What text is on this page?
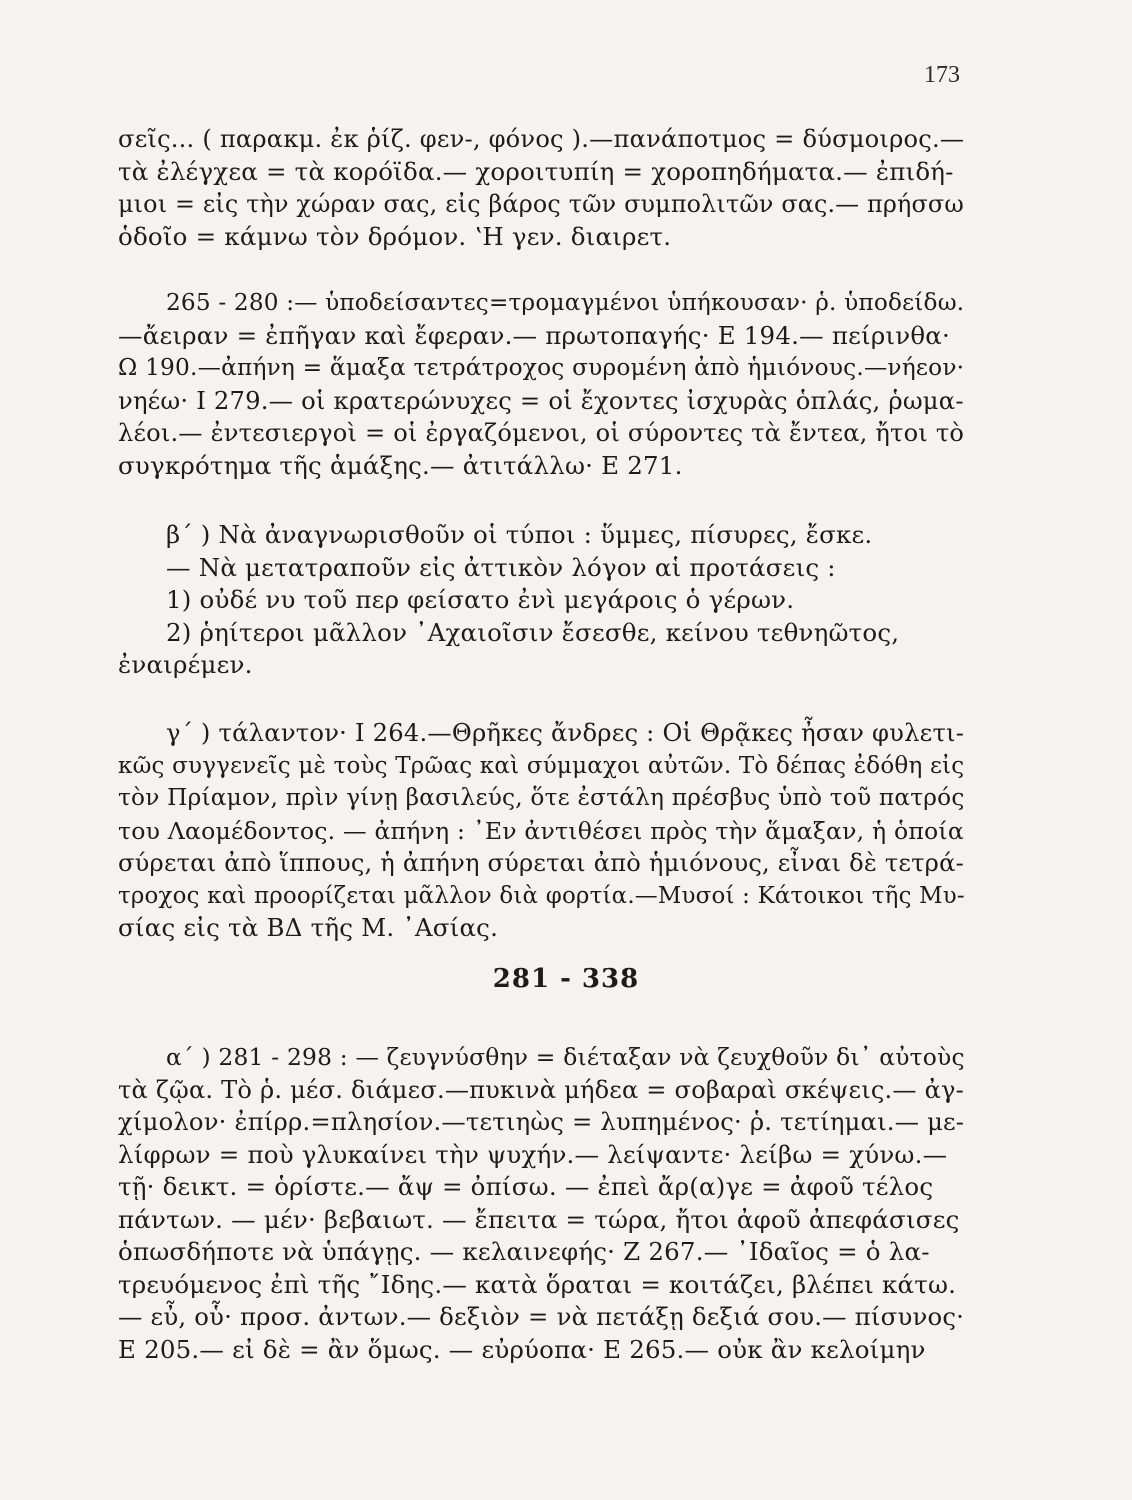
173
σεῖς... ( παρακμ. ἐκ ῥίζ. φεν-, φόνος ).—πανάποτμος = δύσμοιρος.—
τὰ ἐλέγχεα = τὰ κορόϊδα.— χοροιτυπίη = χοροπηδήματα.— ἐπιδή-
μιοι = εἰς τὴν χώραν σας, εἰς βάρος τῶν συμπολιτῶν σας.— πρήσσω
ὁδοῖο = κάμνω τὸν δρόμον. ʽΗ γεν. διαιρετ.
265 - 280 :— ὑποδείσαντες=τρομαγμένοι ὑπήκουσαν· ῥ. ὑποδείδω.
—ἄειραν = ἐπῆγαν καὶ ἔφεραν.— πρωτοπαγής· Ε 194.— πείρινθα·
Ω 190.—ἀπήνη = ἅμαξα τετράτροχος συρομένη ἀπὸ ἡμιόνους.—νήεον·
νηέω· Ι 279.— οἱ κρατερώνυχες = οἱ ἔχοντες ἰσχυρὰς ὁπλάς, ῥωμα-
λέοι.— ἐντεσιεργοὶ = οἱ ἐργαζόμενοι, οἱ σύροντες τὰ ἔντεα, ἤτοι τὸ
συγκρότημα τῆς ἁμάξης.— ἀτιτάλλω· Ε 271.
β΄ ) Νὰ ἀναγνωρισθοῦν οἱ τύποι : ὕμμες, πίσυρες, ἔσκε.
— Νὰ μετατραποῦν εἰς ἀττικὸν λόγον αἱ προτάσεις :
1) οὐδέ νυ τοῦ περ φείσατο ἐνὶ μεγάροις ὁ γέρων.
2) ῥηίτεροι μᾶλλον ᾿Αχαιοῖσιν ἔσεσθε, κείνου τεθνηῶτος,
ἐναιρέμεν.
γ΄ ) τάλαντον· Ι 264.—Θρῆκες ἄνδρες : Οἱ Θρᾷκες ἦσαν φυλετι-
κῶς συγγενεῖς μὲ τοὺς Τρῶας καὶ σύμμαχοι αὐτῶν. Τὸ δέπας ἐδόθη εἰς
τὸν Πρίαμον, πρὶν γίνῃ βασιλεύς, ὅτε ἐστάλη πρέσβυς ὑπὸ τοῦ πατρός
του Λαομέδοντος. — ἀπήνη : ᾿Εν ἀντιθέσει πρὸς τὴν ἅμαξαν, ἡ ὁποία
σύρεται ἀπὸ ἵππους, ἡ ἀπήνη σύρεται ἀπὸ ἡμιόνους, εἶναι δὲ τετρά-
τροχος καὶ προορίζεται μᾶλλον διὰ φορτία.—Μυσοί : Κάτοικοι τῆς Μυ-
σίας εἰς τὰ ΒΔ τῆς Μ. ᾿Ασίας.
281 - 338
α΄ ) 281 - 298 : — ζευγνύσθην = διέταξαν νὰ ζευχθοῦν δι᾽ αὐτοὺς
τὰ ζῷα. Τὸ ῥ. μέσ. διάμεσ.—πυκινὰ μήδεα = σοβαραὶ σκέψεις.— ἀγ-
χίμολον· ἐπίρρ.=πλησίον.—τετιηὼς = λυπημένος· ῥ. τετίημαι.— με-
λίφρων = ποὺ γλυκαίνει τὴν ψυχήν.— λείψαντε· λείβω = χύνω.—
τῇ· δεικτ. = ὁρίστε.— ἄψ = ὀπίσω. — ἐπεὶ ἄρ(α)γε = ἀφοῦ τέλος
πάντων. — μέν· βεβαιωτ. — ἔπειτα = τώρα, ἤτοι ἀφοῦ ἀπεφάσισες
ὁπωσδήποτε νὰ ὑπάγῃς. — κελαινεφής· Ζ 267.— ᾿Ιδαῖος = ὁ λα-
τρευόμενος ἐπὶ τῆς ῎Ιδης.— κατὰ ὅραται = κοιτάζει, βλέπει κάτω.
— εὖ, οὗ· προσ. ἀντων.— δεξιὸν = νὰ πετάξῃ δεξιά σου.— πίσυνος·
Ε 205.— εἰ δὲ = ἂν ὅμως. — εὐρύοπα· Ε 265.— οὐκ ἂν κελοίμην
